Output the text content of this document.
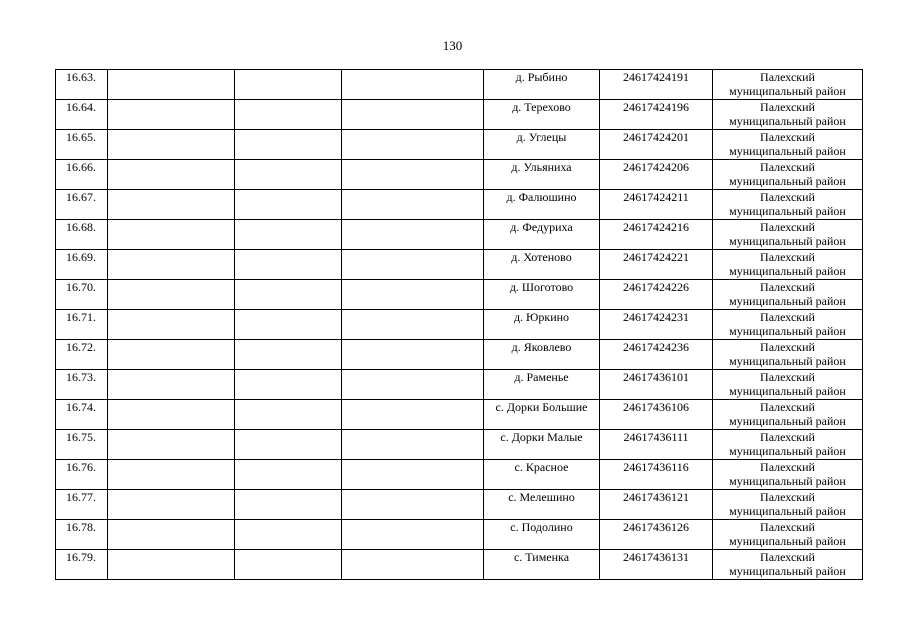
130
16.63.				д. Рыбино	24617424191	Палехский
муниципальный район

16.64.				д. Терехово	24617424196	Палехский
муниципальный район

16.65.				д. Углецы	24617424201	Палехский
муниципальный район

16.66.				д. Ульяниха	24617424206	Палехский
муниципальный район

16.67.				д. Фалюшино	24617424211	Палехский
муниципальный район

16.68.				д. Федуриха	24617424216	Палехский
муниципальный район

16.69.				д. Хотеново	24617424221	Палехский
муниципальный район

16.70.				д. Шоготово	24617424226	Палехский
муниципальный район

16.71.				д. Юркино	24617424231	Палехский
муниципальный район

16.72.				д. Яковлево	24617424236	Палехский
муниципальный район

16.73.				д. Раменье	24617436101	Палехский
муниципальный район

16.74.				с. Дорки Большие	24617436106	Палехский
муниципальный район

16.75.				с. Дорки Малые	24617436111	Палехский
муниципальный район

16.76.				с. Красное	24617436116	Палехский
муниципальный район

16.77.				с. Мелешино	24617436121	Палехский
муниципальный район

16.78.				с. Подолино	24617436126	Палехский
муниципальный район

16.79.				с. Тименка	24617436131	Палехский
муниципальный район
